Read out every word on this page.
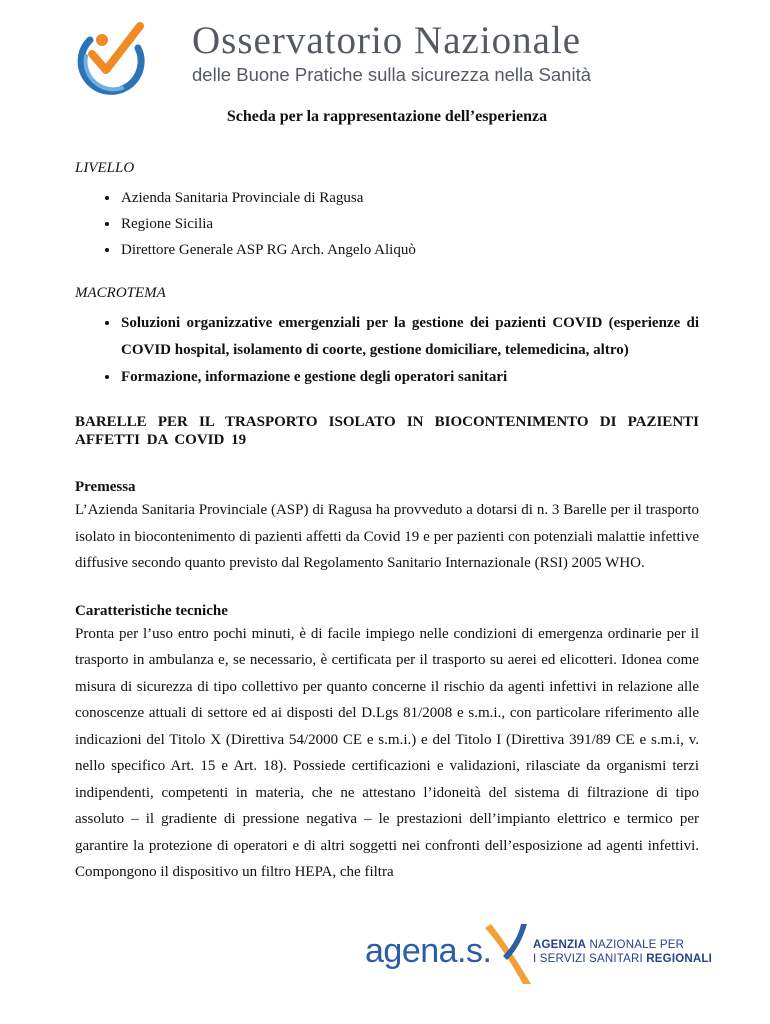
Osservatorio Nazionale
delle Buone Pratiche sulla sicurezza nella Sanità
Scheda per la rappresentazione dell’esperienza
LIVELLO
• Azienda Sanitaria Provinciale di Ragusa
• Regione Sicilia
• Direttore Generale ASP RG Arch. Angelo Aliquò
MACROTEMA
• Soluzioni organizzative emergenziali per la gestione dei pazienti COVID (esperienze di COVID hospital, isolamento di coorte, gestione domiciliare, telemedicina, altro)
• Formazione, informazione e gestione degli operatori sanitari
BARELLE PER IL TRASPORTO ISOLATO IN BIOCONTENIMENTO DI PAZIENTI AFFETTI DA COVID 19
Premessa

L’Azienda Sanitaria Provinciale (ASP) di Ragusa ha provveduto a dotarsi di n. 3 Barelle per il trasporto isolato in biocontenimento di pazienti affetti da Covid 19 e per pazienti con potenziali malattie infettive diffusive secondo quanto previsto dal Regolamento Sanitario Internazionale (RSI) 2005 WHO.

Caratteristiche tecniche

Pronta per l’uso entro pochi minuti, è di facile impiego nelle condizioni di emergenza ordinarie per il trasporto in ambulanza e, se necessario, è certificata per il trasporto su aerei ed elicotteri. Idonea come misura di sicurezza di tipo collettivo per quanto concerne il rischio da agenti infettivi in relazione alle conoscenze attuali di settore ed ai disposti del D.Lgs 81/2008 e s.m.i., con particolare riferimento alle indicazioni del Titolo X (Direttiva 54/2000 CE e s.m.i.) e del Titolo I (Direttiva 391/89 CE e s.m.i, v. nello specifico Art. 15 e Art. 18). Possiede certificazioni e validazioni, rilasciate da organismi terzi indipendenti, competenti in materia, che ne attestano l’idoneità del sistema di filtrazione di tipo assoluto – il gradiente di pressione negativa – le prestazioni dell’impianto elettrico e termico per garantire la protezione di operatori e di altri soggetti nei confronti dell’esposizione ad agenti infettivi. Compongono il dispositivo un filtro HEPA, che filtra

agena.s.	AGENZIA NAZIONALE PER
I SERVIZI SANITARI REGIONALI
